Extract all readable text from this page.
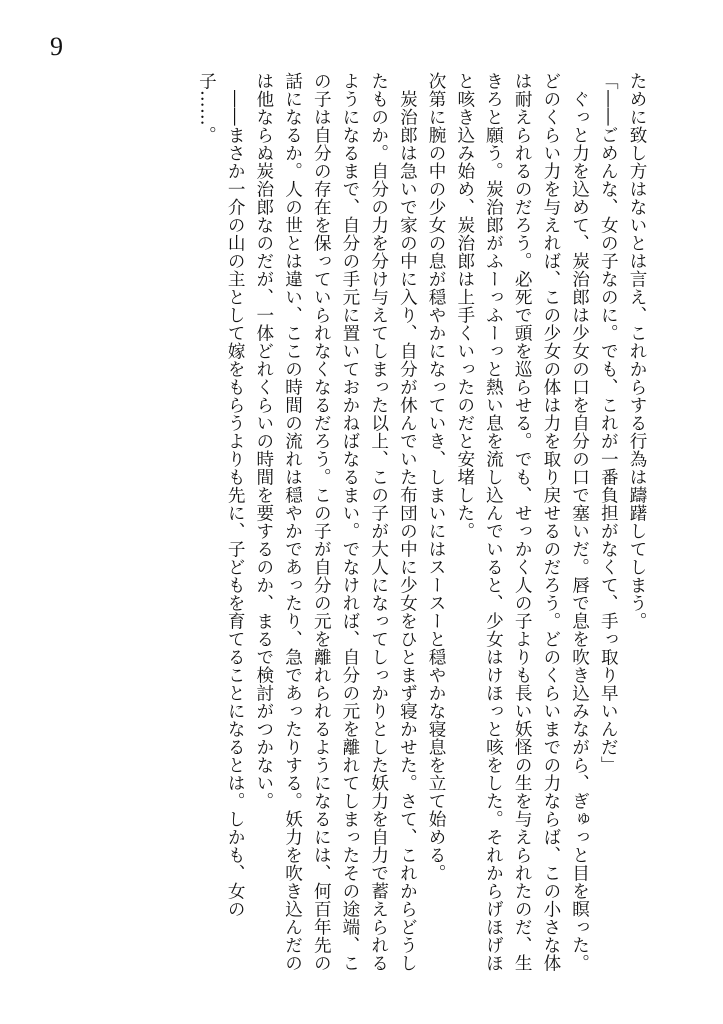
9

ために致し方はないとは言え、これからする行為は躊躇してしまう。

「――ごめんな、女の子なのに。でも、これが一番負担がなくて、手っ取り早いんだ」

ぐっと力を込めて、炭治郎は少女の口を自分の口で塞いだ。唇で息を吹き込みながら、ぎゅっと目を瞑った。どのくらい力を与えれば、この少女の体は力を取り戻せるのだろう。どのくらいまでの力ならば、この小さな体は耐えられるのだろう。必死で頭を巡らせる。でも、せっかく人の子よりも長い妖怪の生を与えられたのだ、生きろと願う。炭治郎がふーっふーっと熱い息を流し込んでいると、少女はけほっと咳をした。それからげほげほと咳き込み始め、炭治郎は上手くいったのだと安堵した。

次第に腕の中の少女の息が穏やかになっていき、しまいにはスースーと穏やかな寝息を立て始める。

炭治郎は急いで家の中に入り、自分が休んでいた布団の中に少女をひとまず寝かせた。さて、これからどうしたものか。自分の力を分け与えてしまった以上、この子が大人になってしっかりとした妖力を自力で蓄えられるようになるまで、自分の手元に置いておかねばなるまい。でなければ、自分の元を離れてしまったその途端、この子は自分の存在を保っていられなくなるだろう。この子が自分の元を離れられるようになるには、何百年先の話になるか。人の世とは違い、ここの時間の流れは穏やかであったり、急であったりする。妖力を吹き込んだのは他ならぬ炭治郎なのだが、一体どれくらいの時間を要するのか、まるで検討がつかない。

――まさか一介の山の主として嫁をもらうよりも先に、子どもを育てることになるとは。しかも、女の子……。
